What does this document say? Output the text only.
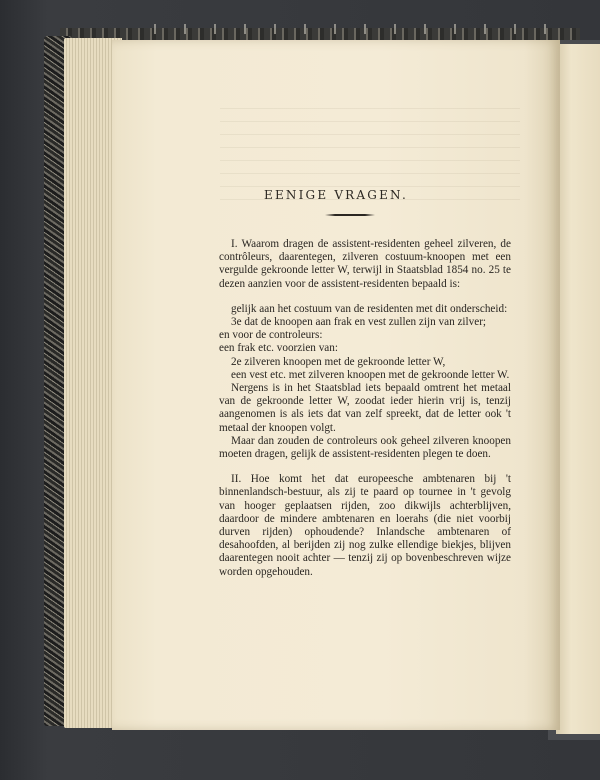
EENIGE VRAGEN.

I. Waarom dragen de assistent-residenten geheel zilveren, de contrôleurs, daarentegen, zilveren costuum-knoopen met een vergulde gekroonde letter W, terwijl in Staatsblad 1854 no. 25 te dezen aanzien voor de assistent-residenten bepaald is:

gelijk aan het costuum van de residenten met dit onderscheid:

3e dat de knoopen aan frak en vest zullen zijn van zilver;

en voor de controleurs:

een frak etc. voorzien van:

2e zilveren knoopen met de gekroonde letter W,

een vest etc. met zilveren knoopen met de gekroonde letter W.

Nergens is in het Staatsblad iets bepaald omtrent het metaal van de gekroonde letter W, zoodat ieder hierin vrij is, tenzij aangenomen is als iets dat van zelf spreekt, dat de letter ook 't metaal der knoopen volgt.

Maar dan zouden de controleurs ook geheel zilveren knoopen moeten dragen, gelijk de assistent-residenten plegen te doen.

II. Hoe komt het dat europeesche ambtenaren bij 't binnenlandsch-bestuur, als zij te paard op tournee in 't gevolg van hooger geplaatsen rijden, zoo dikwijls achterblijven, daardoor de mindere ambtenaren en loerahs (die niet voorbij durven rijden) ophoudende? Inlandsche ambtenaren of desahoofden, al berijden zij nog zulke ellendige biekjes, blijven daarentegen nooit achter — tenzij zij op bovenbeschreven wijze worden opgehouden.
